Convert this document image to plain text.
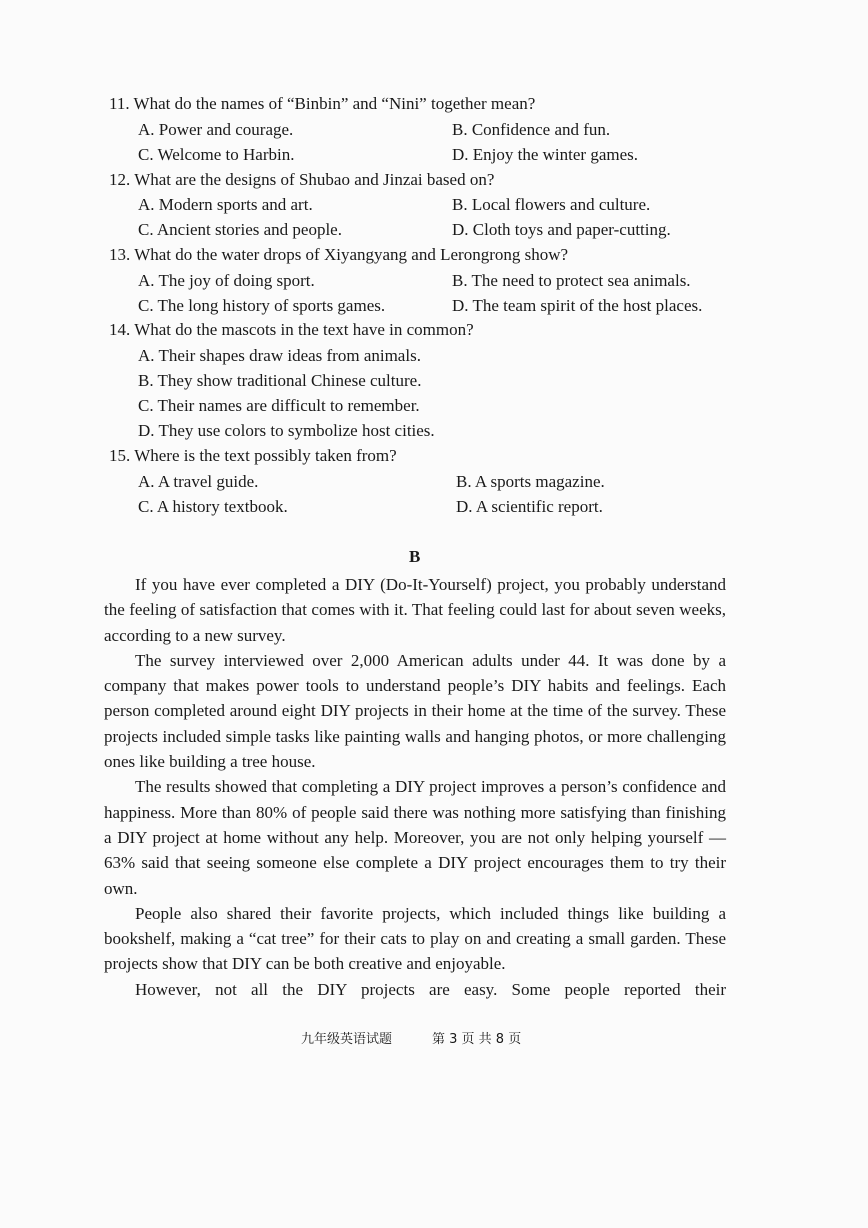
11. What do the names of “Binbin” and “Nini” together mean?
A. Power and courage.	B. Confidence and fun.
C. Welcome to Harbin.	D. Enjoy the winter games.
12. What are the designs of Shubao and Jinzai based on?
A. Modern sports and art.	B. Local flowers and culture.
C. Ancient stories and people.	D. Cloth toys and paper-cutting.
13. What do the water drops of Xiyangyang and Lerongrong show?
A. The joy of doing sport.	B. The need to protect sea animals.
C. The long history of sports games.	D. The team spirit of the host places.
14. What do the mascots in the text have in common?
A. Their shapes draw ideas from animals.
B. They show traditional Chinese culture.
C. Their names are difficult to remember.
D. They use colors to symbolize host cities.
15. Where is the text possibly taken from?
A. A travel guide.	B. A sports magazine.
C. A history textbook.	D. A scientific report.
B

If you have ever completed a DIY (Do-It-Yourself) project, you probably understand the feeling of satisfaction that comes with it. That feeling could last for about seven weeks, according to a new survey.

The survey interviewed over 2,000 American adults under 44. It was done by a company that makes power tools to understand people’s DIY habits and feelings. Each person completed around eight DIY projects in their home at the time of the survey. These projects included simple tasks like painting walls and hanging photos, or more challenging ones like building a tree house.

The results showed that completing a DIY project improves a person’s confidence and happiness. More than 80% of people said there was nothing more satisfying than finishing a DIY project at home without any help. Moreover, you are not only helping yourself — 63% said that seeing someone else complete a DIY project encourages them to try their own.

People also shared their favorite projects, which included things like building a bookshelf, making a “cat tree” for their cats to play on and creating a small garden. These projects show that DIY can be both creative and enjoyable.

However, not all the DIY projects are easy. Some people reported their

九年级英语试题	第 3 页 共 8 页
